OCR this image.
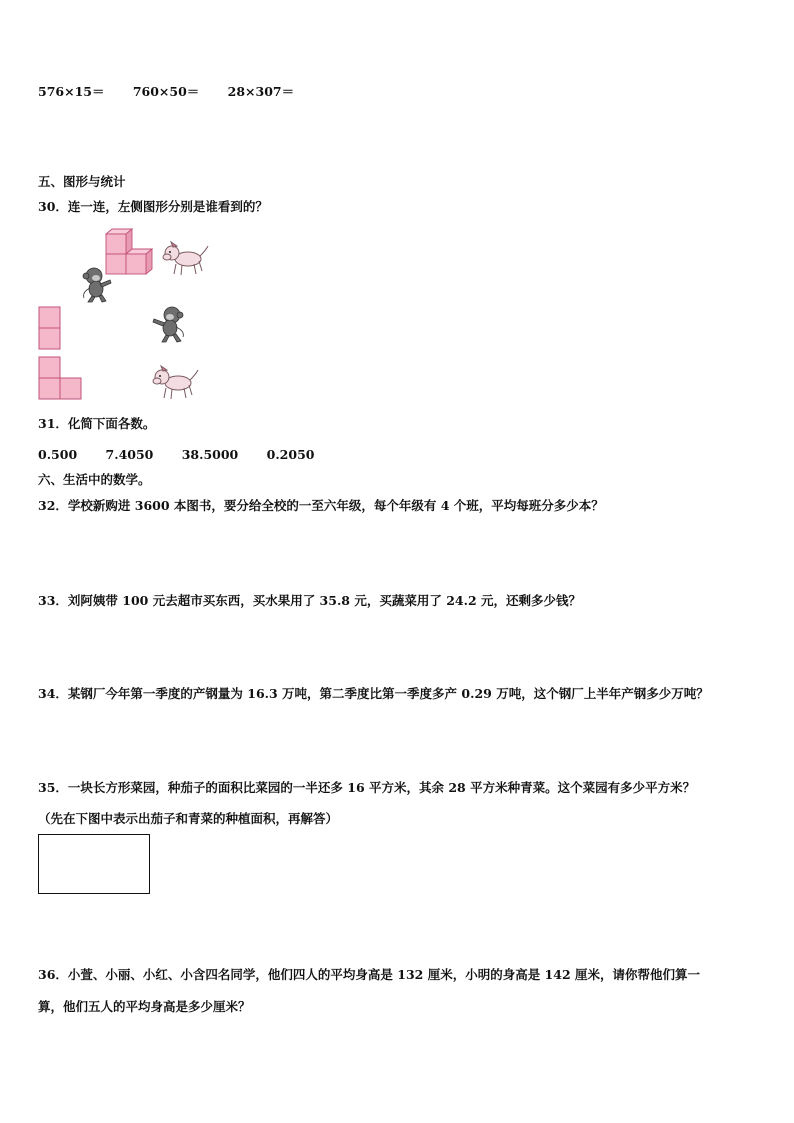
576×15＝ 760×50＝ 28×307＝
五、图形与统计
30．连一连，左侧图形分别是谁看到的？
31．化简下面各数。
0.500 7.4050 38.5000 0.2050
六、生活中的数学。
32．学校新购进 3600 本图书，要分给全校的一至六年级，每个年级有 4 个班，平均每班分多少本？
33．刘阿姨带 100 元去超市买东西，买水果用了 35.8 元，买蔬菜用了 24.2 元，还剩多少钱？
34．某钢厂今年第一季度的产钢量为 16.3 万吨，第二季度比第一季度多产 0.29 万吨，这个钢厂上半年产钢多少万吨？
35．一块长方形菜园，种茄子的面积比菜园的一半还多 16 平方米，其余 28 平方米种青菜。这个菜园有多少平方米？
（先在下图中表示出茄子和青菜的种植面积，再解答）
36．小萱、小丽、小红、小含四名同学，他们四人的平均身高是 132 厘米，小明的身高是 142 厘米，请你帮他们算一
算，他们五人的平均身高是多少厘米？
